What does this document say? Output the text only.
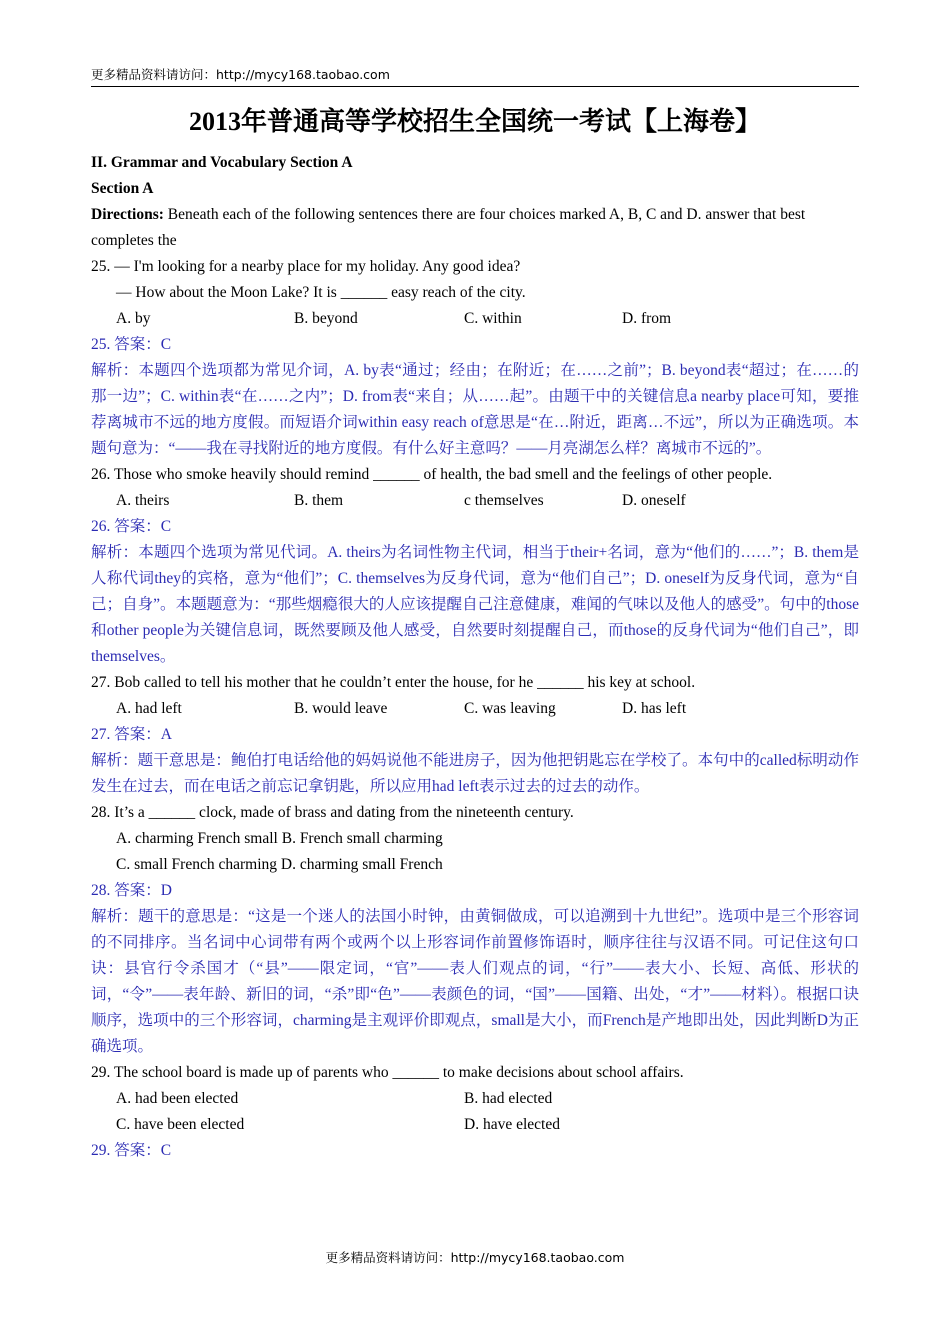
更多精品资料请访问：http://mycy168.taobao.com
2013年普通高等学校招生全国统一考试【上海卷】

II. Grammar and Vocabulary Section A

Section A

Directions: Beneath each of the following sentences there are four choices marked A, B, C and D. answer that best completes the

25. — I'm looking for a nearby place for my holiday. Any good idea?

— How about the Moon Lake? It is ______ easy reach of the city.

A. by	B. beyond	C. within	D. from

25. 答案：C

解析：本题四个选项都为常见介词，A. by表“通过；经由；在附近；在……之前”；B. beyond表“超过；在……的那一边”；C. within表“在……之内”；D. from表“来自；从……起”。由题干中的关键信息a nearby place可知，要推荐离城市不远的地方度假。而短语介词within easy reach of意思是“在…附近，距离…不远”，所以为正确选项。本题句意为：“——我在寻找附近的地方度假。有什么好主意吗？——月亮湖怎么样？离城市不远的”。

26. Those who smoke heavily should remind ______ of health, the bad smell and the feelings of other people.

A. theirs	B. them	c themselves	D. oneself

26. 答案：C

解析：本题四个选项为常见代词。A. theirs为名词性物主代词，相当于their+名词，意为“他们的……”；B. them是人称代词they的宾格，意为“他们”；C. themselves为反身代词，意为“他们自己”；D. oneself为反身代词，意为“自己；自身”。本题题意为：“那些烟瘾很大的人应该提醒自己注意健康，难闻的气味以及他人的感受”。句中的those和other people为关键信息词，既然要顾及他人感受，自然要时刻提醒自己，而those的反身代词为“他们自己”，即themselves。

27. Bob called to tell his mother that he couldn’t enter the house, for he ______ his key at school.

A. had left	B. would leave	C. was leaving	D. has left

27. 答案：A

解析：题干意思是：鲍伯打电话给他的妈妈说他不能进房子，因为他把钥匙忘在学校了。本句中的called标明动作发生在过去，而在电话之前忘记拿钥匙，所以应用had left表示过去的过去的动作。

28. It’s a ______ clock, made of brass and dating from the nineteenth century.

A. charming French small B. French small charming

C. small French charming D. charming small French

28. 答案：D

解析：题干的意思是：“这是一个迷人的法国小时钟，由黄铜做成，可以追溯到十九世纪”。选项中是三个形容词的不同排序。当名词中心词带有两个或两个以上形容词作前置修饰语时，顺序往往与汉语不同。可记住这句口诀：县官行令杀国才（“县”——限定词，“官”——表人们观点的词，“行”——表大小、长短、高低、形状的词，“令”——表年龄、新旧的词，“杀”即“色”——表颜色的词，“国”——国籍、出处，“才”——材料）。根据口诀顺序，选项中的三个形容词，charming是主观评价即观点，small是大小，而French是产地即出处，因此判断D为正确选项。

29. The school board is made up of parents who ______ to make decisions about school affairs.

A. had been elected	B. had elected
C. have been elected	D. have elected

29. 答案：C

更多精品资料请访问：http://mycy168.taobao.com
